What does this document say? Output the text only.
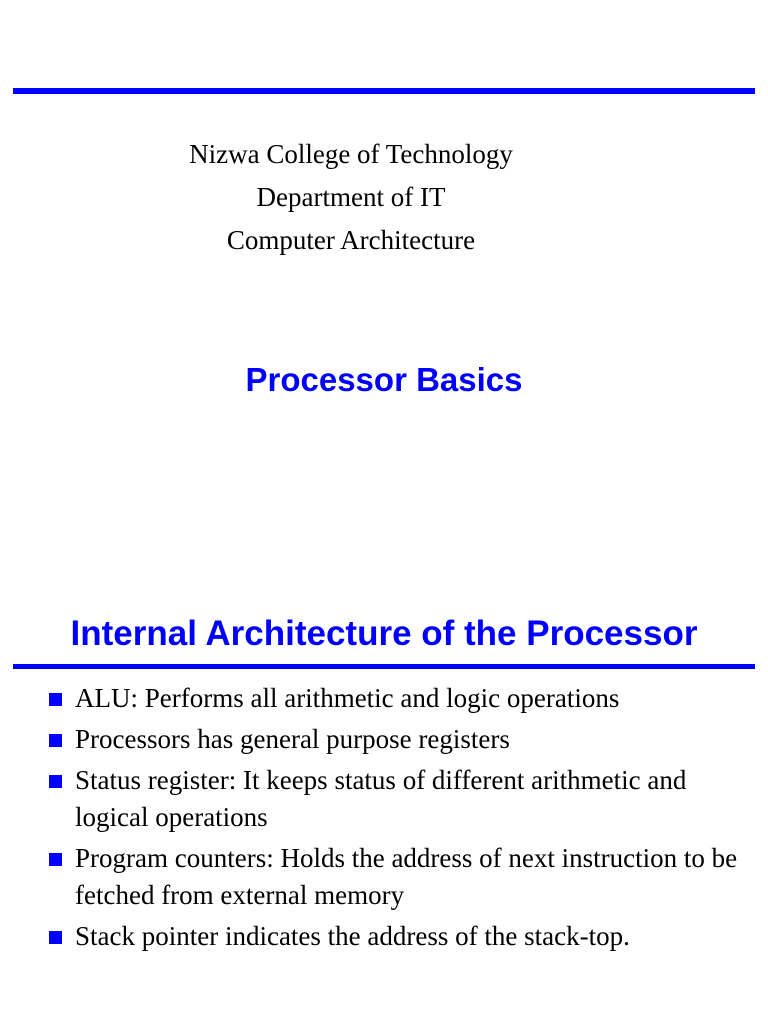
Nizwa College of Technology
Department of IT
Computer Architecture
Processor Basics
Internal Architecture of the Processor
ALU: Performs all arithmetic and logic operations
Processors has general purpose registers
Status register: It keeps status of different arithmetic and logical operations
Program counters: Holds the address of next instruction to be fetched from external memory
Stack pointer indicates the address of the stack-top.
